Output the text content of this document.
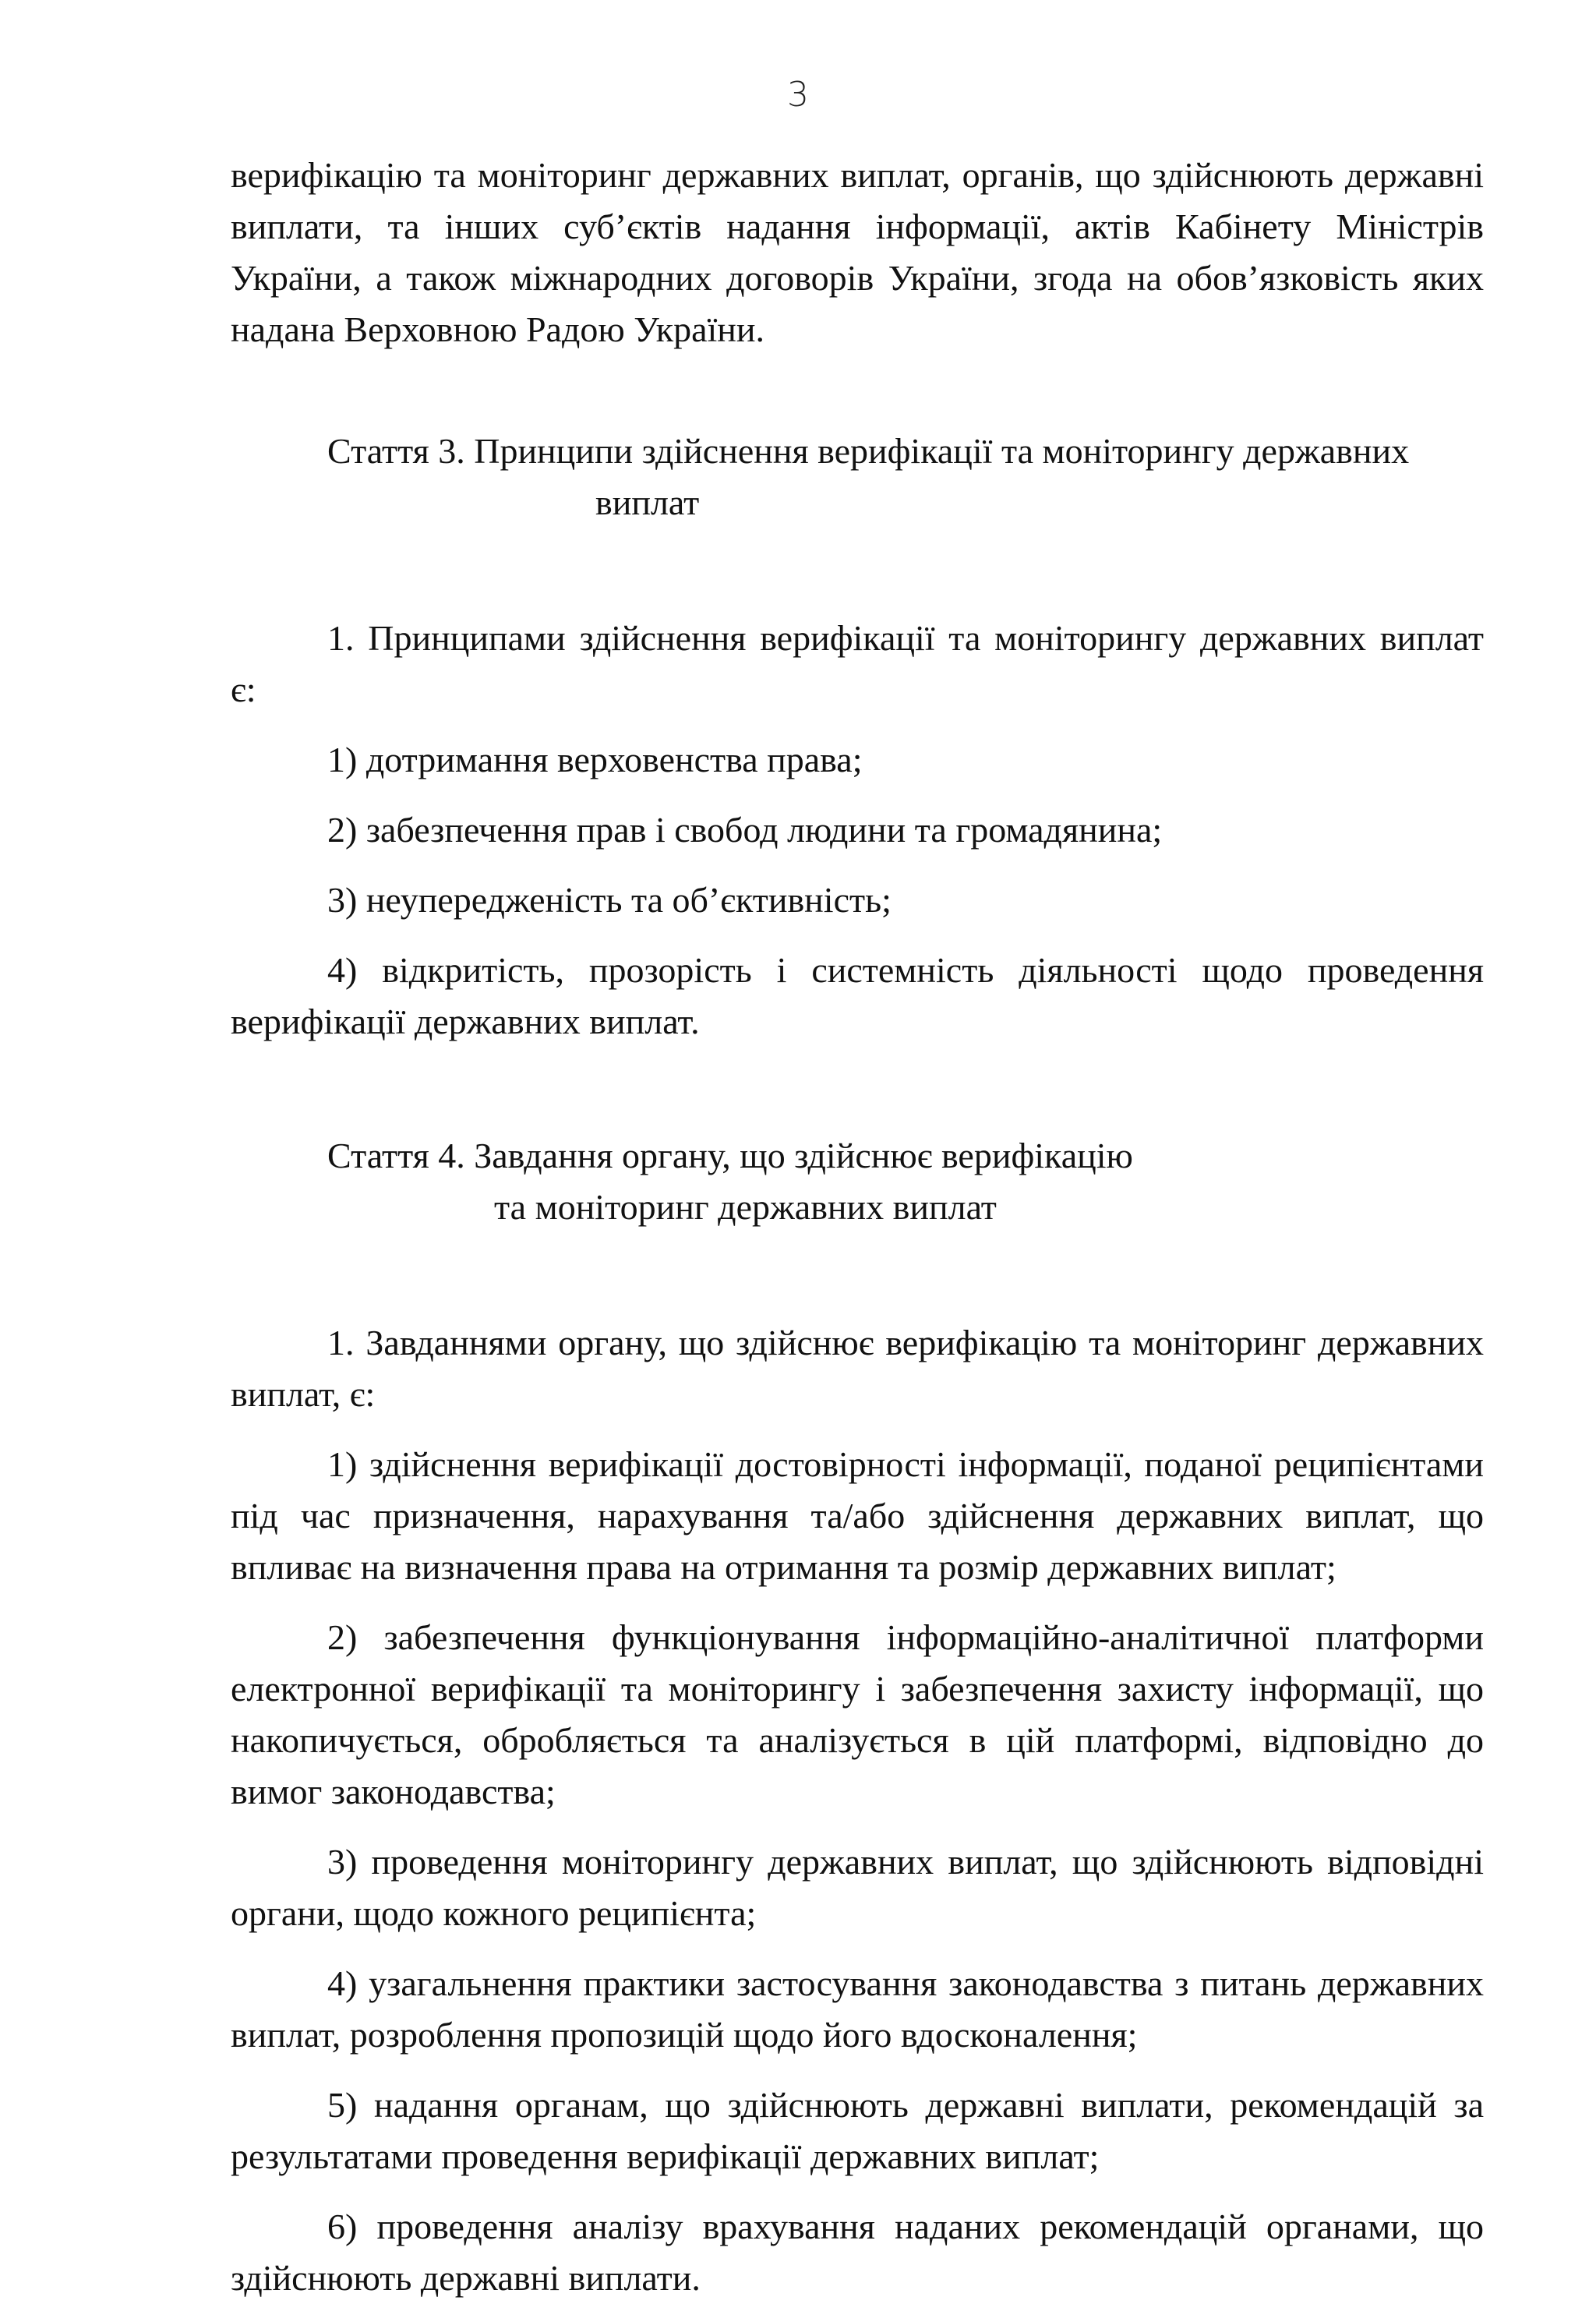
3

верифікацію та моніторинг державних виплат, органів, що здійснюють державні виплати, та інших суб’єктів надання інформації, актів Кабінету Міністрів України, а також міжнародних договорів України, згода на обов’язковість яких надана Верховною Радою України.

Стаття 3. Принципи здійснення верифікації та моніторингу державних
виплат

1. Принципами здійснення верифікації та моніторингу державних виплат є:

1) дотримання верховенства права;

2) забезпечення прав і свобод людини та громадянина;

3) неупередженість та об’єктивність;

4) відкритість, прозорість і системність діяльності щодо проведення верифікації державних виплат.

Стаття 4. Завдання органу, що здійснює верифікацію
та моніторинг державних виплат

1. Завданнями органу, що здійснює верифікацію та моніторинг державних виплат, є:

1) здійснення верифікації достовірності інформації, поданої реципієнтами під час призначення, нарахування та/або здійснення державних виплат, що впливає на визначення права на отримання та розмір державних виплат;

2) забезпечення функціонування інформаційно-аналітичної платформи електронної верифікації та моніторингу і забезпечення захисту інформації, що накопичується, обробляється та аналізується в цій платформі, відповідно до вимог законодавства;

3) проведення моніторингу державних виплат, що здійснюють відповідні органи, щодо кожного реципієнта;

4) узагальнення практики застосування законодавства з питань державних виплат, розроблення пропозицій щодо його вдосконалення;

5) надання органам, що здійснюють державні виплати, рекомендацій за результатами проведення верифікації державних виплат;

6) проведення аналізу врахування наданих рекомендацій органами, що здійснюють державні виплати.
